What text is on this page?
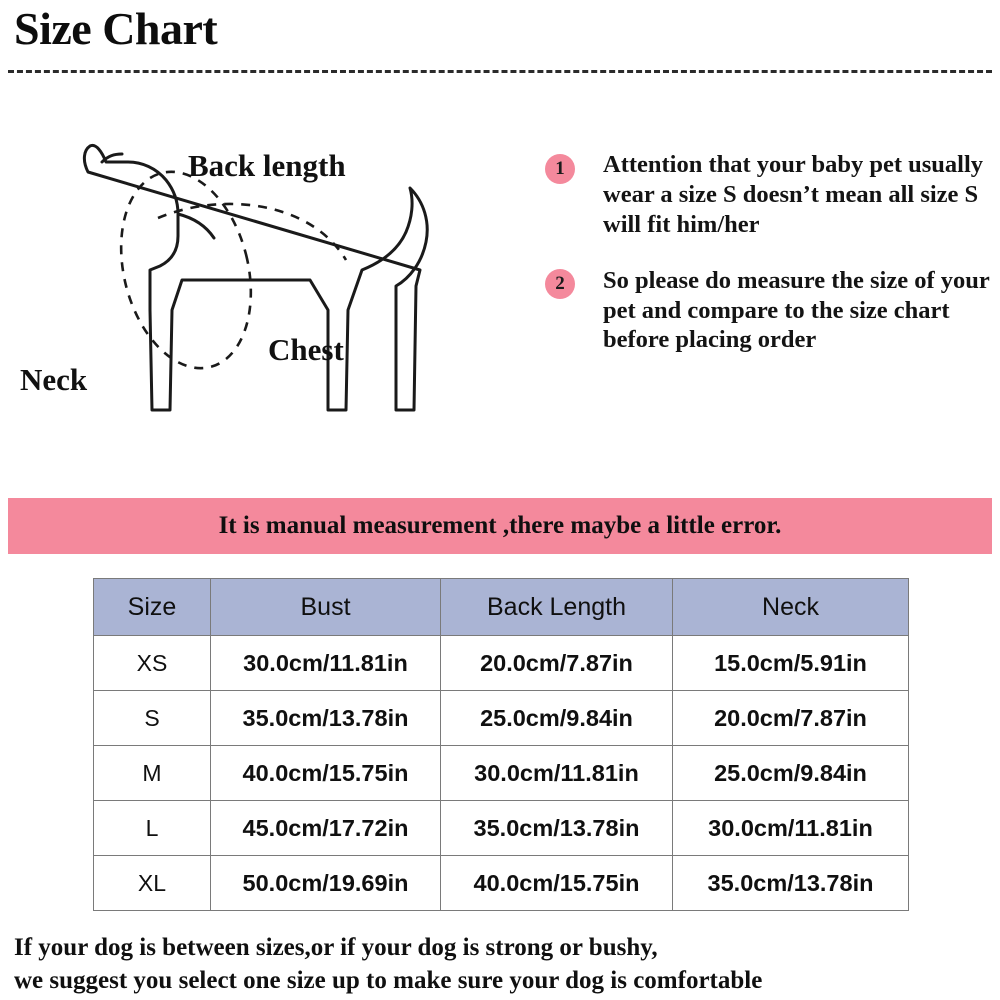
Size Chart
Back length
Chest
Neck
1	Attention that your baby pet usually wear a size S doesn’t mean all size S will fit him/her
2	So please do measure the size of your pet and compare to the size chart before placing order
It is manual measurement ,there maybe a little error.
Size	Bust	Back Length	Neck
XS	30.0cm/11.81in	20.0cm/7.87in	15.0cm/5.91in
S	35.0cm/13.78in	25.0cm/9.84in	20.0cm/7.87in
M	40.0cm/15.75in	30.0cm/11.81in	25.0cm/9.84in
L	45.0cm/17.72in	35.0cm/13.78in	30.0cm/11.81in
XL	50.0cm/19.69in	40.0cm/15.75in	35.0cm/13.78in
If your dog is between sizes,or if your dog is strong or bushy,
we suggest you select one size up to make sure your dog is comfortable
